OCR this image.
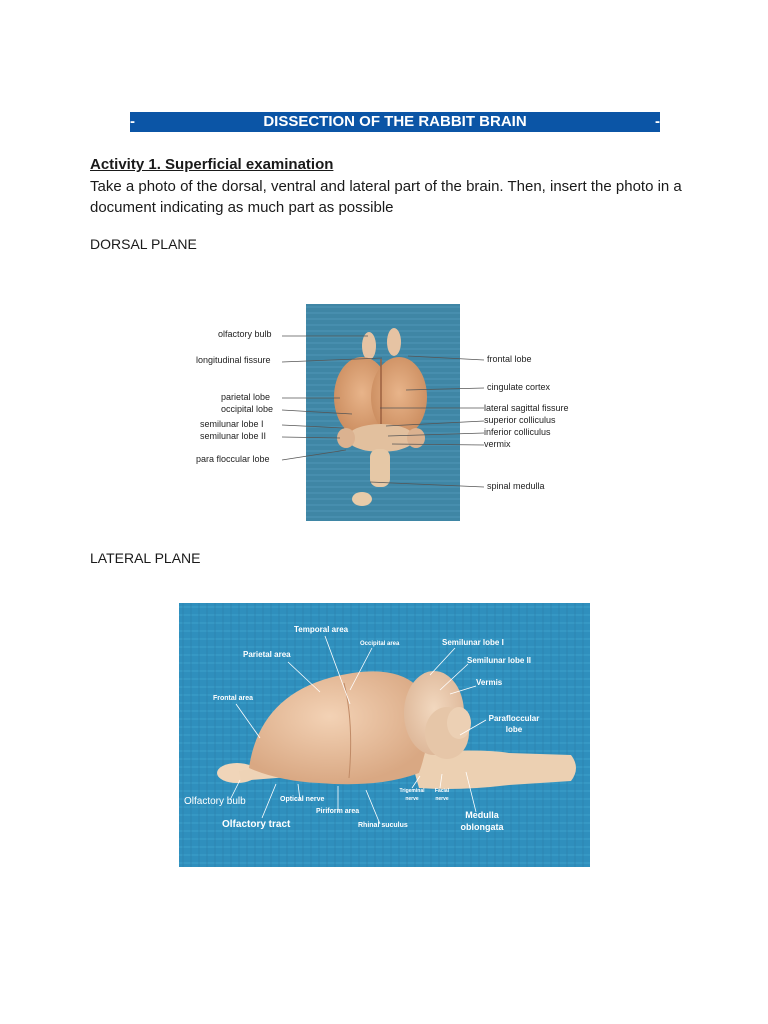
-	DISSECTION OF THE RABBIT BRAIN	-
Activity 1. Superficial examination
Take a photo of the dorsal, ventral and lateral part of the brain. Then, insert the photo in a document indicating as much part as possible
DORSAL PLANE
olfactory bulb
longitudinal fissure
parietal lobe
occipital lobe
semilunar lobe I
semilunar lobe II
para floccular lobe
frontal lobe
cingulate cortex
lateral sagittal fissure
superior colliculus
inferior colliculus
vermix
spinal medulla
LATERAL PLANE
Temporal area
Occipital area
Parietal area
Frontal area
Semilunar lobe I
Semilunar lobe II
Vermis
Parafloccular lobe
Olfactory bulb
Olfactory tract
Optical nerve
Piriform area
Rhinal suculus
Trigeminal nerve
Facial nerve
Medulla oblongata
